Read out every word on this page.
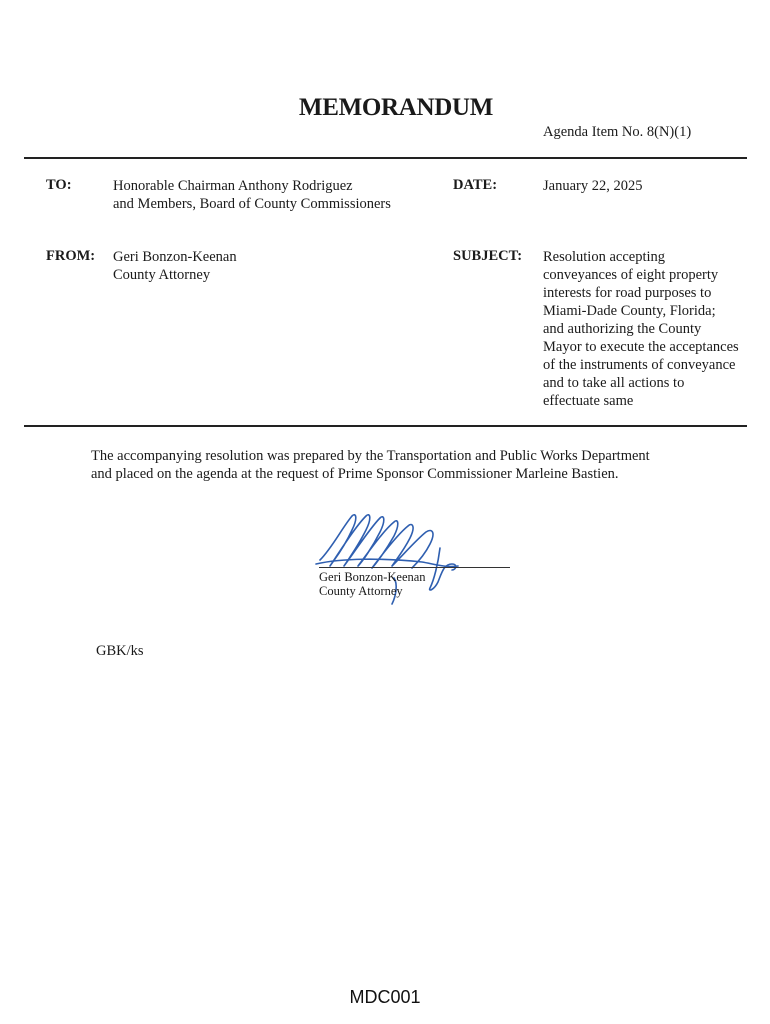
MEMORANDUM
Agenda Item No. 8(N)(1)
TO:	Honorable Chairman Anthony Rodriguez
and Members, Board of County Commissioners
DATE:	January 22, 2025
FROM: Geri Bonzon-Keenan
County Attorney
SUBJECT: Resolution accepting
conveyances of eight property
interests for road purposes to
Miami-Dade County, Florida;
and authorizing the County
Mayor to execute the acceptances
of the instruments of conveyance
and to take all actions to
effectuate same
The accompanying resolution was prepared by the Transportation and Public Works Department
and placed on the agenda at the request of Prime Sponsor Commissioner Marleine Bastien.
Geri Bonzon-Keenan
County Attorney
GBK/ks
MDC001
